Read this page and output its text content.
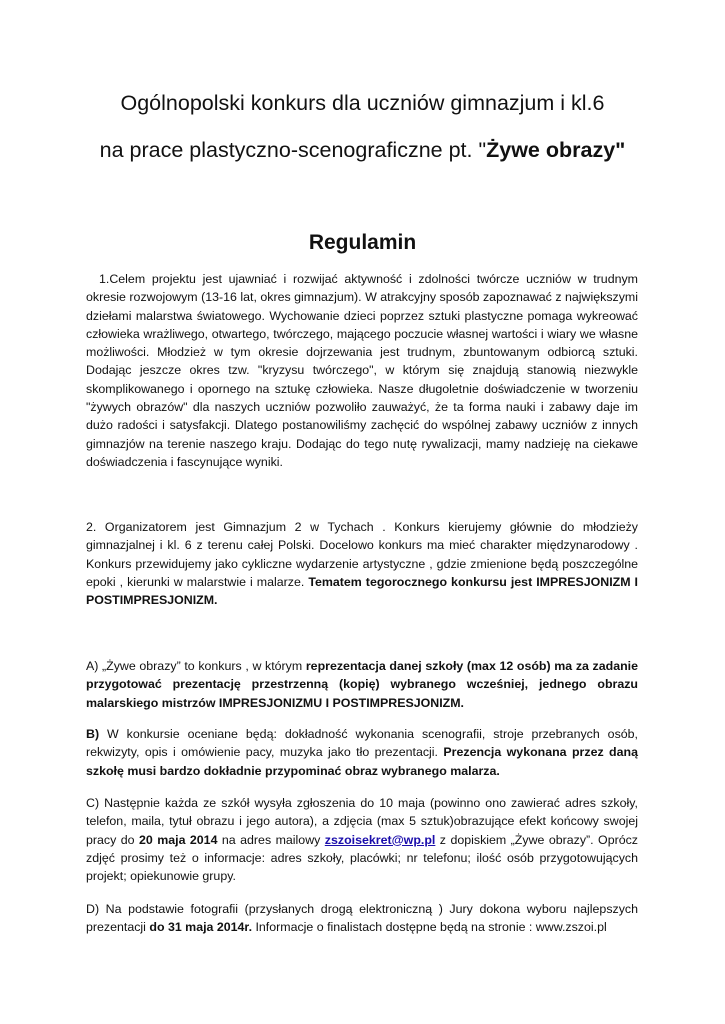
Ogólnopolski konkurs dla uczniów gimnazjum i kl.6
na prace plastyczno-scenograficzne pt. "Żywe obrazy"
Regulamin

1.Celem projektu jest ujawniać i rozwijać aktywność i zdolności twórcze uczniów w trudnym okresie rozwojowym (13-16 lat, okres gimnazjum). W atrakcyjny sposób zapoznawać z największymi dziełami malarstwa światowego. Wychowanie dzieci poprzez sztuki plastyczne pomaga wykreować człowieka wrażliwego, otwartego, twórczego, mającego poczucie własnej wartości i wiary we własne możliwości. Młodzież w tym okresie dojrzewania jest trudnym, zbuntowanym odbiorcą sztuki. Dodając jeszcze okres tzw. "kryzysu twórczego", w którym się znajdują stanowią niezwykle skomplikowanego i opornego na sztukę człowieka. Nasze długoletnie doświadczenie w tworzeniu "żywych obrazów" dla naszych uczniów pozwoliło zauważyć, że ta forma nauki i zabawy daje im dużo radości i satysfakcji. Dlatego postanowiliśmy zachęcić do wspólnej zabawy uczniów z innych gimnazjów na terenie naszego kraju. Dodając do tego nutę rywalizacji, mamy nadzieję na ciekawe doświadczenia i fascynujące wyniki.

2. Organizatorem jest Gimnazjum 2 w Tychach . Konkurs kierujemy głównie do młodzieży gimnazjalnej i kl. 6 z terenu całej Polski. Docelowo konkurs ma mieć charakter międzynarodowy . Konkurs przewidujemy jako cykliczne wydarzenie artystyczne , gdzie zmienione będą poszczególne epoki , kierunki w malarstwie i malarze. Tematem tegorocznego konkursu jest IMPRESJONIZM I POSTIMPRESJONIZM.

A) „Żywe obrazy” to konkurs , w którym reprezentacja danej szkoły (max 12 osób) ma za zadanie przygotować prezentację przestrzenną (kopię) wybranego wcześniej, jednego obrazu malarskiego mistrzów IMPRESJONIZMU I POSTIMPRESJONIZM.

B) W konkursie oceniane będą: dokładność wykonania scenografii, stroje przebranych osób, rekwizyty, opis i omówienie pacy, muzyka jako tło prezentacji. Prezencja wykonana przez daną szkołę musi bardzo dokładnie przypominać obraz wybranego malarza.

C) Następnie każda ze szkół wysyła zgłoszenia do 10 maja (powinno ono zawierać adres szkoły, telefon, maila, tytuł obrazu i jego autora), a zdjęcia (max 5 sztuk)obrazujące efekt końcowy swojej pracy do 20 maja 2014 na adres mailowy zszoisekret@wp.pl z dopiskiem „Żywe obrazy”. Oprócz zdjęć prosimy też o informacje: adres szkoły, placówki; nr telefonu; ilość osób przygotowujących projekt; opiekunowie grupy.

D) Na podstawie fotografii (przysłanych drogą elektroniczną ) Jury dokona wyboru najlepszych prezentacji do 31 maja 2014r. Informacje o finalistach dostępne będą na stronie : www.zszoi.pl
